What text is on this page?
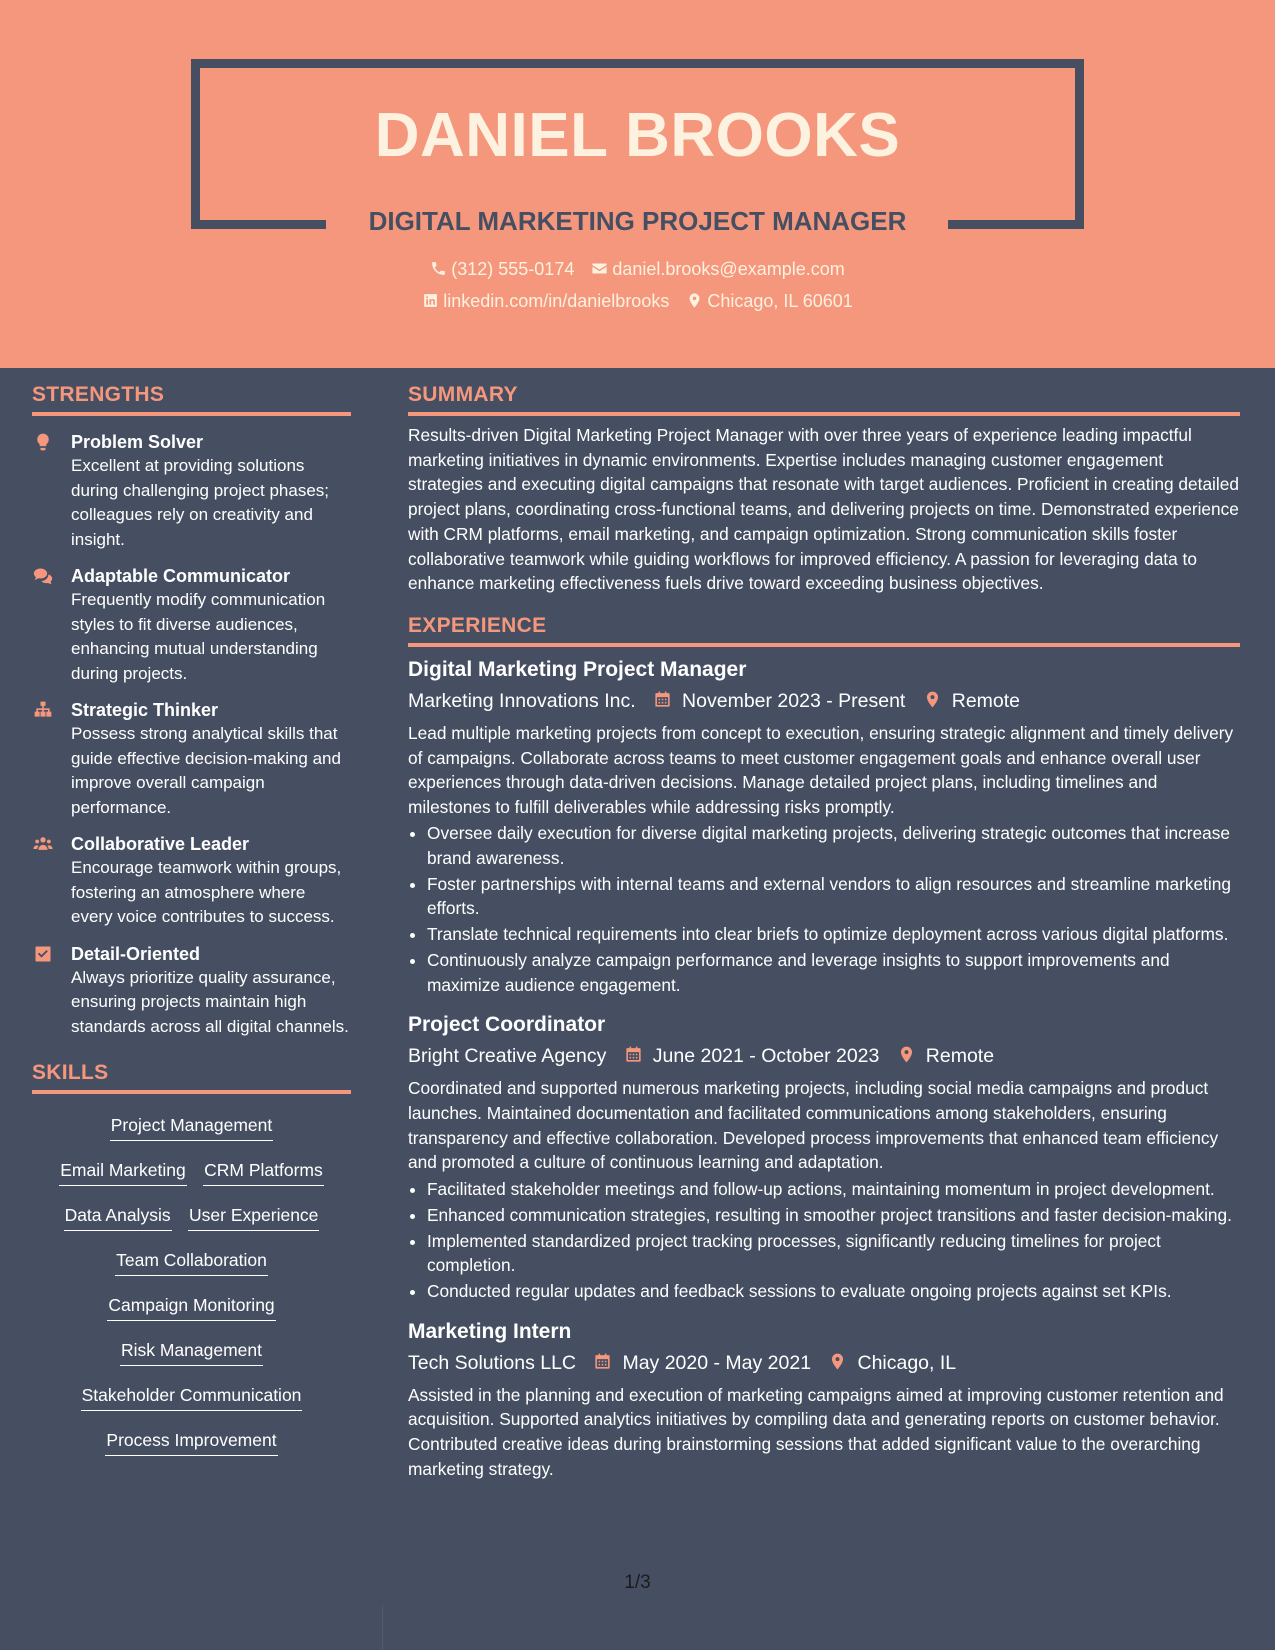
DANIEL BROOKS
DIGITAL MARKETING PROJECT MANAGER
(312) 555-0174 daniel.brooks@example.com
linkedin.com/in/danielbrooks Chicago, IL 60601
STRENGTHS
Problem Solver
Excellent at providing solutions during challenging project phases; colleagues rely on creativity and insight.
Adaptable Communicator
Frequently modify communication styles to fit diverse audiences, enhancing mutual understanding during projects.
Strategic Thinker
Possess strong analytical skills that guide effective decision-making and improve overall campaign performance.
Collaborative Leader
Encourage teamwork within groups, fostering an atmosphere where every voice contributes to success.
Detail-Oriented
Always prioritize quality assurance, ensuring projects maintain high standards across all digital channels.
SKILLS
Project Management
Email Marketing CRM Platforms
Data Analysis User Experience
Team Collaboration
Campaign Monitoring
Risk Management
Stakeholder Communication
Process Improvement
SUMMARY

Results-driven Digital Marketing Project Manager with over three years of experience leading impactful marketing initiatives in dynamic environments. Expertise includes managing customer engagement strategies and executing digital campaigns that resonate with target audiences. Proficient in creating detailed project plans, coordinating cross-functional teams, and delivering projects on time. Demonstrated experience with CRM platforms, email marketing, and campaign optimization. Strong communication skills foster collaborative teamwork while guiding workflows for improved efficiency. A passion for leveraging data to enhance marketing effectiveness fuels drive toward exceeding business objectives.

EXPERIENCE
Digital Marketing Project Manager
Marketing Innovations Inc. November 2023 - Present Remote
Lead multiple marketing projects from concept to execution, ensuring strategic alignment and timely delivery of campaigns. Collaborate across teams to meet customer engagement goals and enhance overall user experiences through data-driven decisions. Manage detailed project plans, including timelines and milestones to fulfill deliverables while addressing risks promptly.
• Oversee daily execution for diverse digital marketing projects, delivering strategic outcomes that increase brand awareness.
• Foster partnerships with internal teams and external vendors to align resources and streamline marketing efforts.
• Translate technical requirements into clear briefs to optimize deployment across various digital platforms.
• Continuously analyze campaign performance and leverage insights to support improvements and maximize audience engagement.
Project Coordinator
Bright Creative Agency June 2021 - October 2023 Remote
Coordinated and supported numerous marketing projects, including social media campaigns and product launches. Maintained documentation and facilitated communications among stakeholders, ensuring transparency and effective collaboration. Developed process improvements that enhanced team efficiency and promoted a culture of continuous learning and adaptation.
• Facilitated stakeholder meetings and follow-up actions, maintaining momentum in project development.
• Enhanced communication strategies, resulting in smoother project transitions and faster decision-making.
• Implemented standardized project tracking processes, significantly reducing timelines for project completion.
• Conducted regular updates and feedback sessions to evaluate ongoing projects against set KPIs.
Marketing Intern
Tech Solutions LLC May 2020 - May 2021 Chicago, IL
Assisted in the planning and execution of marketing campaigns aimed at improving customer retention and acquisition. Supported analytics initiatives by compiling data and generating reports on customer behavior. Contributed creative ideas during brainstorming sessions that added significant value to the overarching marketing strategy.
1/3
